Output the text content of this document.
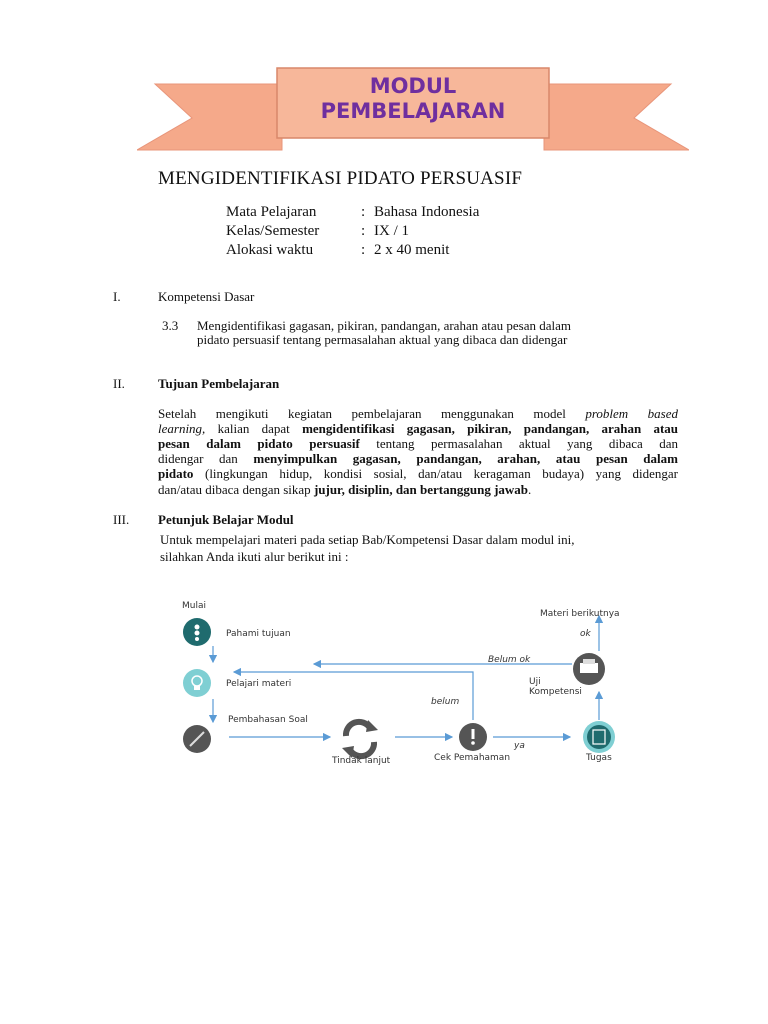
MODUL
PEMBELAJARAN
MENGIDENTIFIKASI PIDATO PERSUASIF
Mata Pelajaran	: Bahasa Indonesia
Kelas/Semester	: IX / 1
Alokasi waktu	: 2 x 40 menit
I.	Kompetensi Dasar
3.3 Mengidentifikasi gagasan, pikiran, pandangan, arahan atau pesan dalam
pidato persuasif tentang permasalahan aktual yang dibaca dan didengar
II.	Tujuan Pembelajaran
Setelah mengikuti kegiatan pembelajaran menggunakan model problem based
learning, kalian dapat mengidentifikasi gagasan, pikiran, pandangan, arahan atau
pesan dalam pidato persuasif tentang permasalahan aktual yang dibaca dan
didengar dan menyimpulkan gagasan, pandangan, arahan, atau pesan dalam
pidato (lingkungan hidup, kondisi sosial, dan/atau keragaman budaya) yang didengar
dan/atau dibaca dengan sikap jujur, disiplin, dan bertanggung jawab.
III. Petunjuk Belajar Modul
Untuk mempelajari materi pada setiap Bab/Kompetensi Dasar dalam modul ini,
silahkan Anda ikuti alur berikut ini :
Mulai
Pahami tujuan
Pelajari materi
Pembahasan Soal
Tindak lanjut	Cek Pemahaman	Tugas
Uji
Kompetensi
Materi berikutnya
ok
Belum ok
belum
ya
